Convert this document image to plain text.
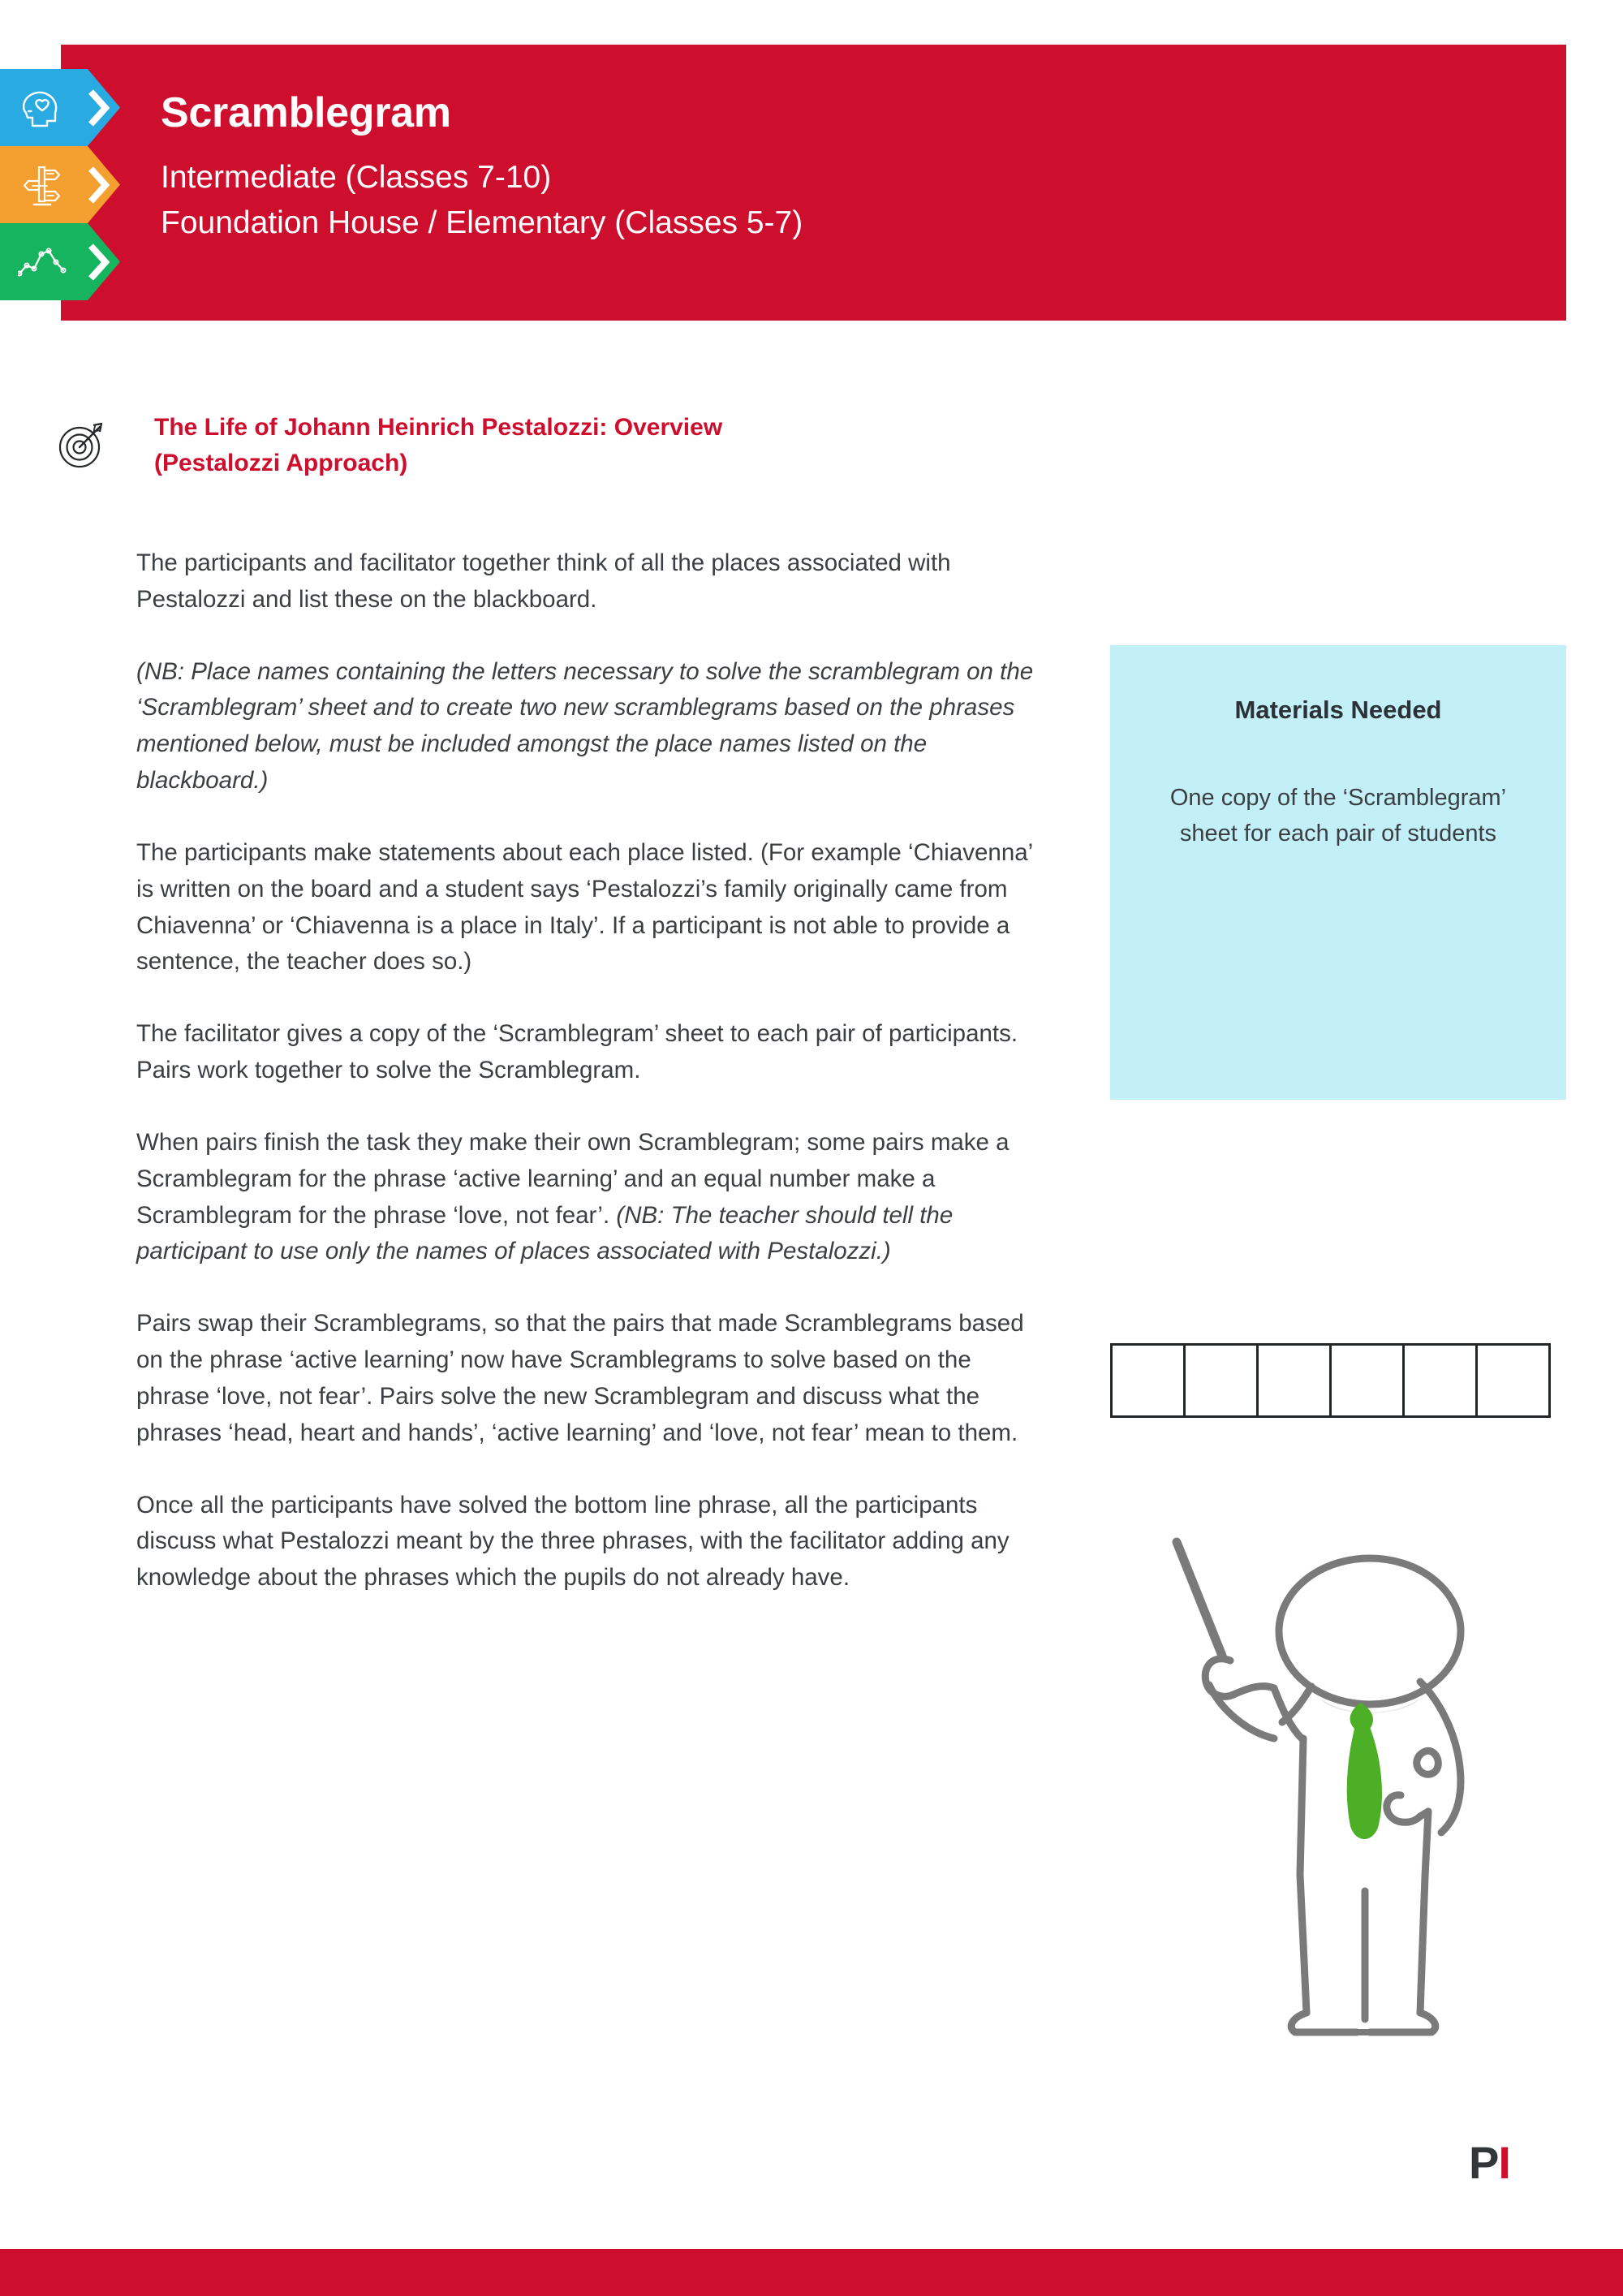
Scramblegram
Intermediate (Classes 7-10)
Foundation House / Elementary (Classes 5-7)
The Life of Johann Heinrich Pestalozzi: Overview
(Pestalozzi Approach)

The participants and facilitator together think of all the places associated with Pestalozzi and list these on the blackboard.

(NB: Place names containing the letters necessary to solve the scramblegram on the ‘Scramblegram’ sheet and to create two new scramblegrams based on the phrases mentioned below, must be included amongst the place names listed on the blackboard.)

The participants make statements about each place listed. (For example ‘Chiavenna’ is written on the board and a student says ‘Pestalozzi’s family originally came from Chiavenna’ or ‘Chiavenna is a place in Italy’. If a participant is not able to provide a sentence, the teacher does so.)

The facilitator gives a copy of the ‘Scramblegram’ sheet to each pair of participants. Pairs work together to solve the Scramblegram.

When pairs finish the task they make their own Scramblegram; some pairs make a Scramblegram for the phrase ‘active learning’ and an equal number make a Scramblegram for the phrase ‘love, not fear’. (NB: The teacher should tell the participant to use only the names of places associated with Pestalozzi.)

Pairs swap their Scramblegrams, so that the pairs that made Scramblegrams based on the phrase ‘active learning’ now have Scramblegrams to solve based on the phrase ‘love, not fear’. Pairs solve the new Scramblegram and discuss what the phrases ‘head, heart and hands’, ‘active learning’ and ‘love, not fear’ mean to them.

Once all the participants have solved the bottom line phrase, all the participants discuss what Pestalozzi meant by the three phrases, with the facilitator adding any knowledge about the phrases which the pupils do not already have.

Materials Needed
One copy of the ‘Scramblegram’ sheet for each pair of students
PI
